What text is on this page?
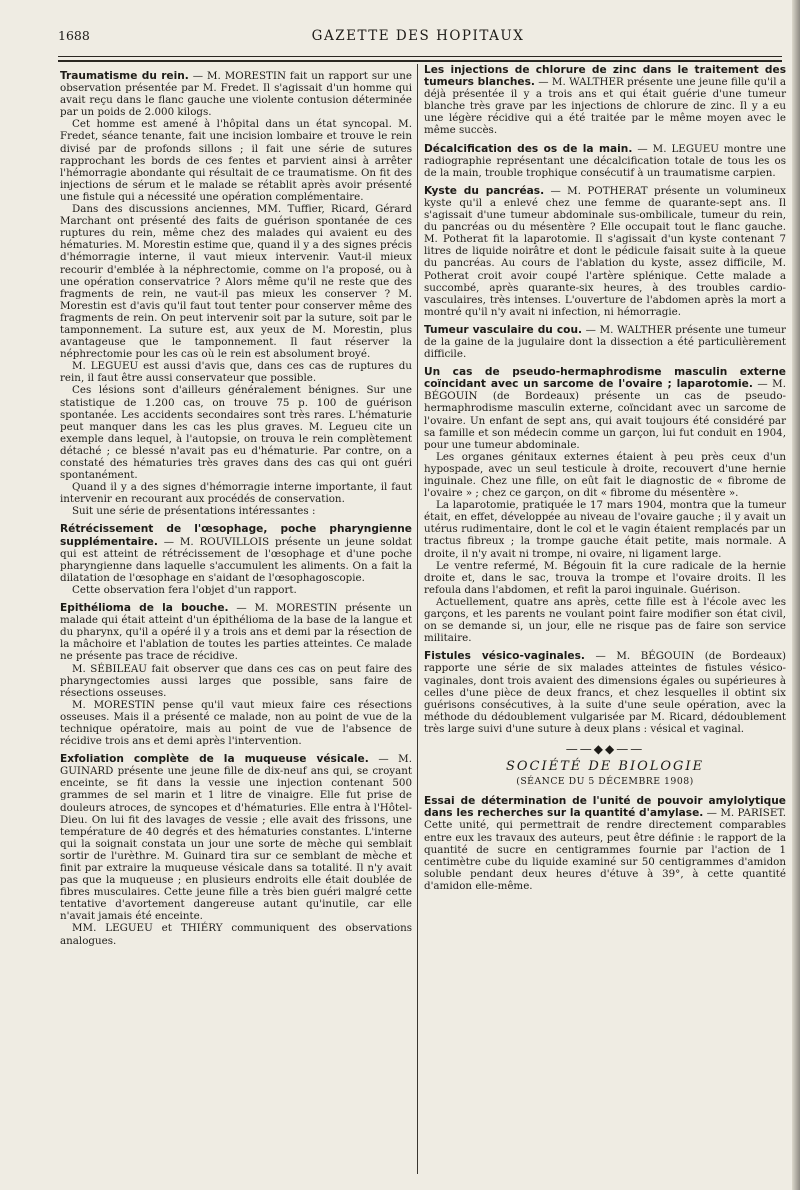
1688	GAZETTE DES HOPITAUX

Traumatisme du rein. — M. MORESTIN fait un rapport sur une observation présentée par M. Fredet. Il s'agissait d'un homme qui avait reçu dans le flanc gauche une violente contusion déterminée par un poids de 2.000 kilogs.

Cet homme est amené à l'hôpital dans un état syncopal. M. Fredet, séance tenante, fait une incision lombaire et trouve le rein divisé par de profonds sillons ; il fait une série de sutures rapprochant les bords de ces fentes et parvient ainsi à arrêter l'hémorragie abondante qui résultait de ce traumatisme. On fit des injections de sérum et le malade se rétablit après avoir présenté une fistule qui a nécessité une opération complémentaire.

Dans des discussions anciennes, MM. Tuffier, Ricard, Gérard Marchant ont présenté des faits de guérison spontanée de ces ruptures du rein, même chez des malades qui avaient eu des hématuries. M. Morestin estime que, quand il y a des signes précis d'hémorragie interne, il vaut mieux intervenir. Vaut-il mieux recourir d'emblée à la néphrectomie, comme on l'a proposé, ou à une opération conservatrice ? Alors même qu'il ne reste que des fragments de rein, ne vaut-il pas mieux les conserver ? M. Morestin est d'avis qu'il faut tout tenter pour conserver même des fragments de rein. On peut intervenir soit par la suture, soit par le tamponnement. La suture est, aux yeux de M. Morestin, plus avantageuse que le tamponnement. Il faut réserver la néphrectomie pour les cas où le rein est absolument broyé.

M. LEGUEU est aussi d'avis que, dans ces cas de ruptures du rein, il faut être aussi conservateur que possible.

Ces lésions sont d'ailleurs généralement bénignes. Sur une statistique de 1.200 cas, on trouve 75 p. 100 de guérison spontanée. Les accidents secondaires sont très rares. L'hématurie peut manquer dans les cas les plus graves. M. Legueu cite un exemple dans lequel, à l'autopsie, on trouva le rein complètement détaché ; ce blessé n'avait pas eu d'hématurie. Par contre, on a constaté des hématuries très graves dans des cas qui ont guéri spontanément.

Quand il y a des signes d'hémorragie interne importante, il faut intervenir en recourant aux procédés de conservation.

Suit une série de présentations intéressantes :

Rétrécissement de l'œsophage, poche pharyngienne supplémentaire. — M. ROUVILLOIS présente un jeune soldat qui est atteint de rétrécissement de l'œsophage et d'une poche pharyngienne dans laquelle s'accumulent les aliments. On a fait la dilatation de l'œsophage en s'aidant de l'œsophagoscopie.

Cette observation fera l'objet d'un rapport.

Epithélioma de la bouche. — M. MORESTIN présente un malade qui était atteint d'un épithélioma de la base de la langue et du pharynx, qu'il a opéré il y a trois ans et demi par la résection de la mâchoire et l'ablation de toutes les parties atteintes. Ce malade ne présente pas trace de récidive.

M. SÉBILEAU fait observer que dans ces cas on peut faire des pharyngectomies aussi larges que possible, sans faire de résections osseuses.

M. MORESTIN pense qu'il vaut mieux faire ces résections osseuses. Mais il a présenté ce malade, non au point de vue de la technique opératoire, mais au point de vue de l'absence de récidive trois ans et demi après l'intervention.

Exfoliation complète de la muqueuse vésicale. — M. GUINARD présente une jeune fille de dix-neuf ans qui, se croyant enceinte, se fit dans la vessie une injection contenant 500 grammes de sel marin et 1 litre de vinaigre. Elle fut prise de douleurs atroces, de syncopes et d'hématuries. Elle entra à l'Hôtel-Dieu. On lui fit des lavages de vessie ; elle avait des frissons, une température de 40 degrés et des hématuries constantes. L'interne qui la soignait constata un jour une sorte de mèche qui semblait sortir de l'urèthre. M. Guinard tira sur ce semblant de mèche et finit par extraire la muqueuse vésicale dans sa totalité. Il n'y avait pas que la muqueuse ; en plusieurs endroits elle était doublée de fibres musculaires. Cette jeune fille a très bien guéri malgré cette tentative d'avortement dangereuse autant qu'inutile, car elle n'avait jamais été enceinte.

MM. LEGUEU et THIÉRY communiquent des observations analogues.

Les injections de chlorure de zinc dans le traitement des tumeurs blanches. — M. WALTHER présente une jeune fille qu'il a déjà présentée il y a trois ans et qui était guérie d'une tumeur blanche très grave par les injections de chlorure de zinc. Il y a eu une légère récidive qui a été traitée par le même moyen avec le même succès.

Décalcification des os de la main. — M. LEGUEU montre une radiographie représentant une décalcification totale de tous les os de la main, trouble trophique consécutif à un traumatisme carpien.

Kyste du pancréas. — M. POTHERAT présente un volumineux kyste qu'il a enlevé chez une femme de quarante-sept ans. Il s'agissait d'une tumeur abdominale sus-ombilicale, tumeur du rein, du pancréas ou du mésentère ? Elle occupait tout le flanc gauche. M. Potherat fit la laparotomie. Il s'agissait d'un kyste contenant 7 litres de liquide noirâtre et dont le pédicule faisait suite à la queue du pancréas. Au cours de l'ablation du kyste, assez difficile, M. Potherat croit avoir coupé l'artère splénique. Cette malade a succombé, après quarante-six heures, à des troubles cardio-vasculaires, très intenses. L'ouverture de l'abdomen après la mort a montré qu'il n'y avait ni infection, ni hémorragie.

Tumeur vasculaire du cou. — M. WALTHER présente une tumeur de la gaine de la jugulaire dont la dissection a été particulièrement difficile.

Un cas de pseudo-hermaphrodisme masculin externe coïncidant avec un sarcome de l'ovaire ; laparotomie. — M. BÉGOUIN (de Bordeaux) présente un cas de pseudo-hermaphrodisme masculin externe, coïncidant avec un sarcome de l'ovaire. Un enfant de sept ans, qui avait toujours été considéré par sa famille et son médecin comme un garçon, lui fut conduit en 1904, pour une tumeur abdominale.

Les organes génitaux externes étaient à peu près ceux d'un hypospade, avec un seul testicule à droite, recouvert d'une hernie inguinale. Chez une fille, on eût fait le diagnostic de « fibrome de l'ovaire » ; chez ce garçon, on dit « fibrome du mésentère ».

La laparotomie, pratiquée le 17 mars 1904, montra que la tumeur était, en effet, développée au niveau de l'ovaire gauche ; il y avait un utérus rudimentaire, dont le col et le vagin étaient remplacés par un tractus fibreux ; la trompe gauche était petite, mais normale. A droite, il n'y avait ni trompe, ni ovaire, ni ligament large.

Le ventre refermé, M. Bégouin fit la cure radicale de la hernie droite et, dans le sac, trouva la trompe et l'ovaire droits. Il les refoula dans l'abdomen, et refit la paroi inguinale. Guérison.

Actuellement, quatre ans après, cette fille est à l'école avec les garçons, et les parents ne voulant point faire modifier son état civil, on se demande si, un jour, elle ne risque pas de faire son service militaire.

Fistules vésico-vaginales. — M. BÉGOUIN (de Bordeaux) rapporte une série de six malades atteintes de fistules vésico-vaginales, dont trois avaient des dimensions égales ou supérieures à celles d'une pièce de deux francs, et chez lesquelles il obtint six guérisons consécutives, à la suite d'une seule opération, avec la méthode du dédoublement vulgarisée par M. Ricard, dédoublement très large suivi d'une suture à deux plans : vésical et vaginal.

——◆◆——
SOCIÉTÉ DE BIOLOGIE
(SÉANCE DU 5 DÉCEMBRE 1908)

Essai de détermination de l'unité de pouvoir amylolytique dans les recherches sur la quantité d'amylase. — M. PARISET. Cette unité, qui permettrait de rendre directement comparables entre eux les travaux des auteurs, peut être définie : le rapport de la quantité de sucre en centigrammes fournie par l'action de 1 centimètre cube du liquide examiné sur 50 centigrammes d'amidon soluble pendant deux heures d'étuve à 39°, à cette quantité d'amidon elle-même.
